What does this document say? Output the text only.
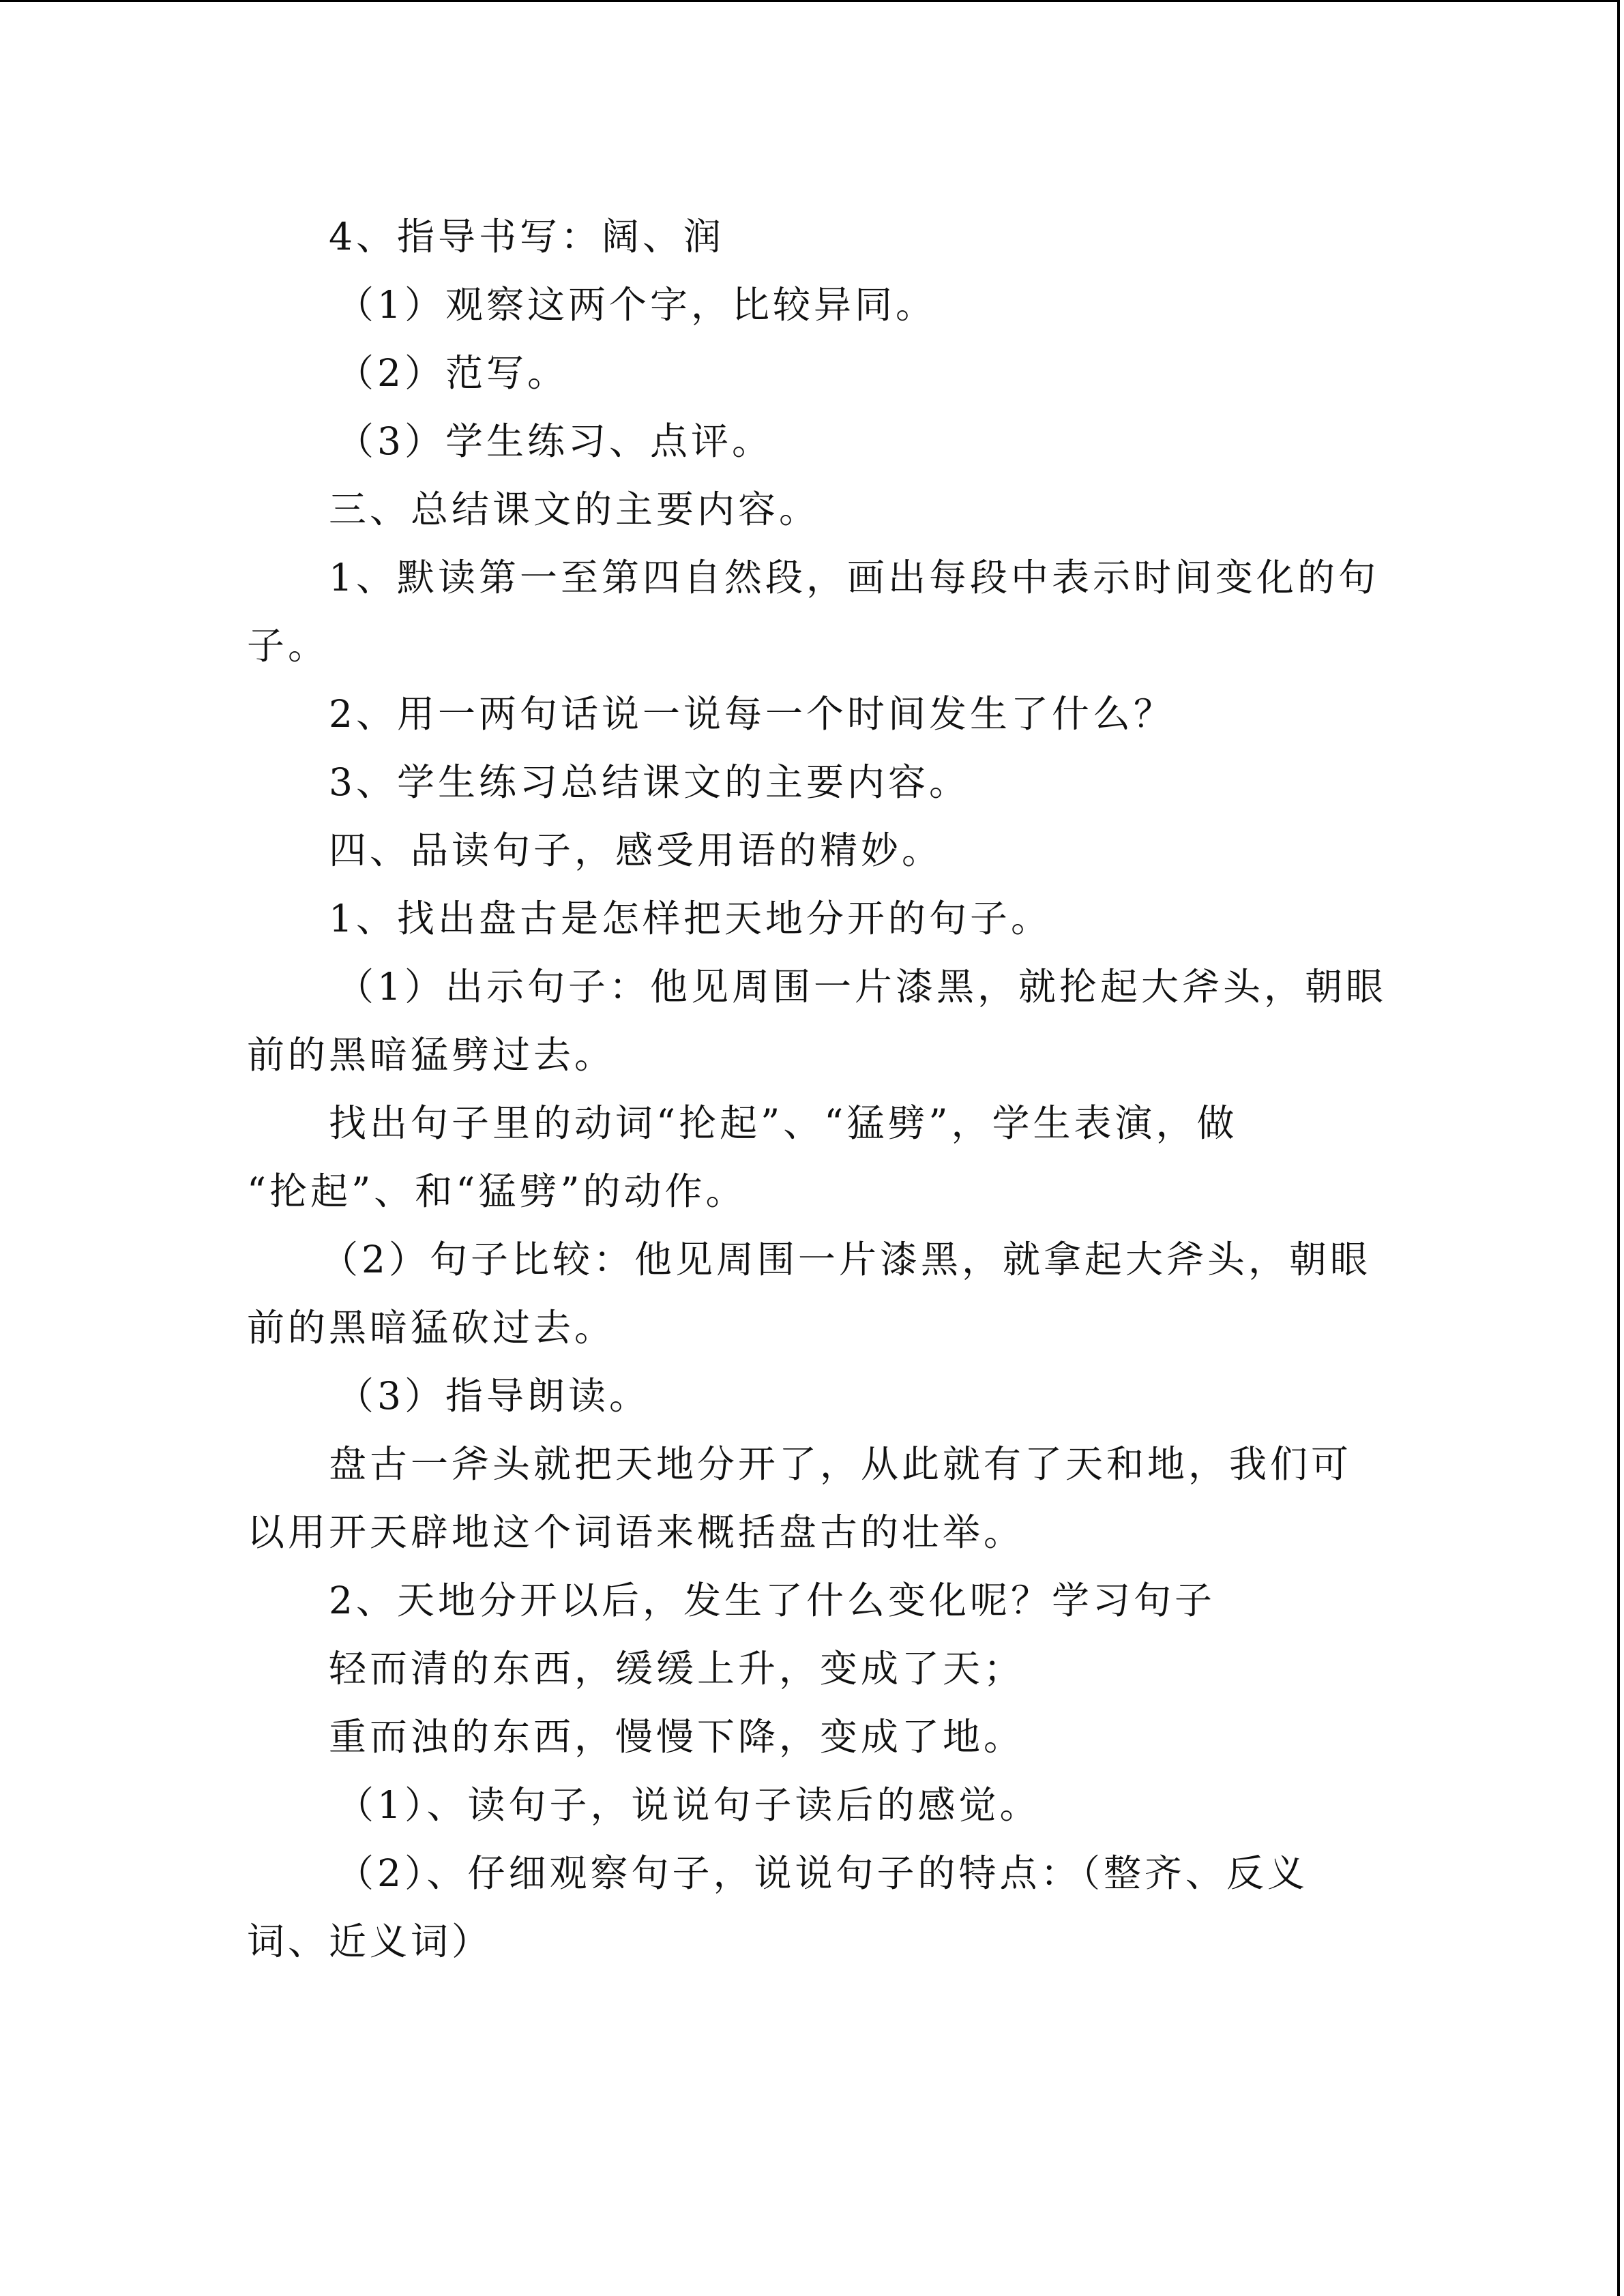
4、指导书写：阔、润

（1）观察这两个字，比较异同。

（2）范写。

（3）学生练习、点评。

三、总结课文的主要内容。

1、默读第一至第四自然段，画出每段中表示时间变化的句

子。

2、用一两句话说一说每一个时间发生了什么？

3、学生练习总结课文的主要内容。

四、品读句子，感受用语的精妙。

1、找出盘古是怎样把天地分开的句子。

（1）出示句子：他见周围一片漆黑，就抡起大斧头，朝眼

前的黑暗猛劈过去。

找出句子里的动词“抡起”、“猛劈”，学生表演，做

“抡起”、和“猛劈”的动作。

（2）句子比较：他见周围一片漆黑，就拿起大斧头，朝眼

前的黑暗猛砍过去。

（3）指导朗读。

盘古一斧头就把天地分开了，从此就有了天和地，我们可

以用开天辟地这个词语来概括盘古的壮举。

2、天地分开以后，发生了什么变化呢？学习句子

轻而清的东西，缓缓上升，变成了天；

重而浊的东西，慢慢下降，变成了地。

（1）、读句子，说说句子读后的感觉。

（2）、仔细观察句子，说说句子的特点：（整齐、反义

词、近义词）
